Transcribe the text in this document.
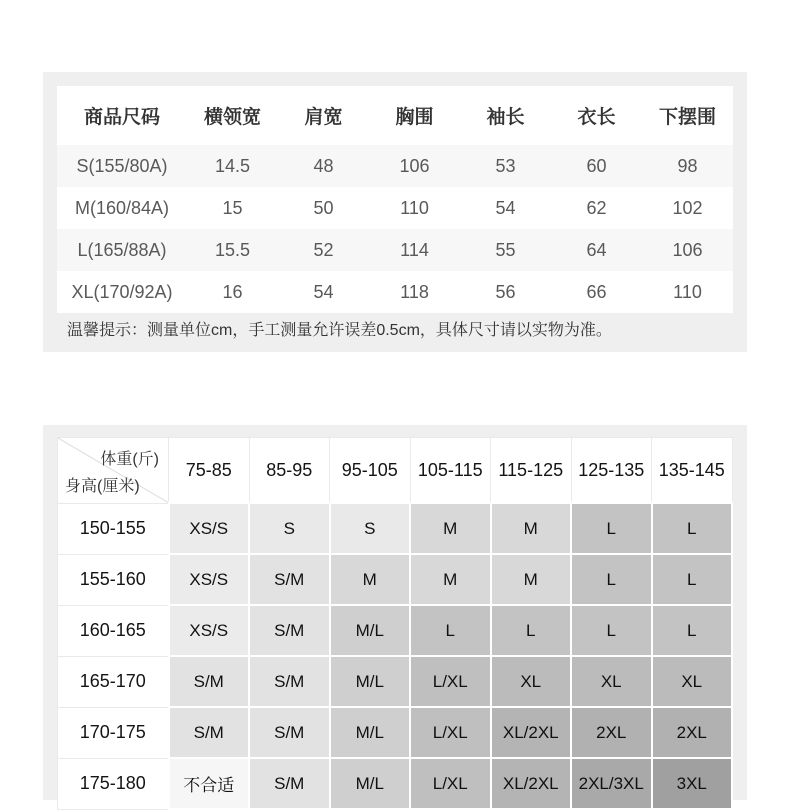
商品尺码	横领宽	肩宽	胸围	袖长	衣长	下摆围
S(155/80A)	14.5	48	106	53	60	98
M(160/84A)	15	50	110	54	62	102
L(165/88A)	15.5	52	114	55	64	106
XL(170/92A)	16	54	118	56	66	110
温馨提示：测量单位cm，手工测量允许误差0.5cm，具体尺寸请以实物为准。
体重(斤)
身高(厘米)	75-85	85-95	95-105	105-115	115-125	125-135	135-145
150-155	XS/S	S	S	M	M	L	L
155-160	XS/S	S/M	M	M	M	L	L
160-165	XS/S	S/M	M/L	L	L	L	L
165-170	S/M	S/M	M/L	L/XL	XL	XL	XL
170-175	S/M	S/M	M/L	L/XL	XL/2XL	2XL	2XL
175-180	不合适	S/M	M/L	L/XL	XL/2XL	2XL/3XL	3XL
